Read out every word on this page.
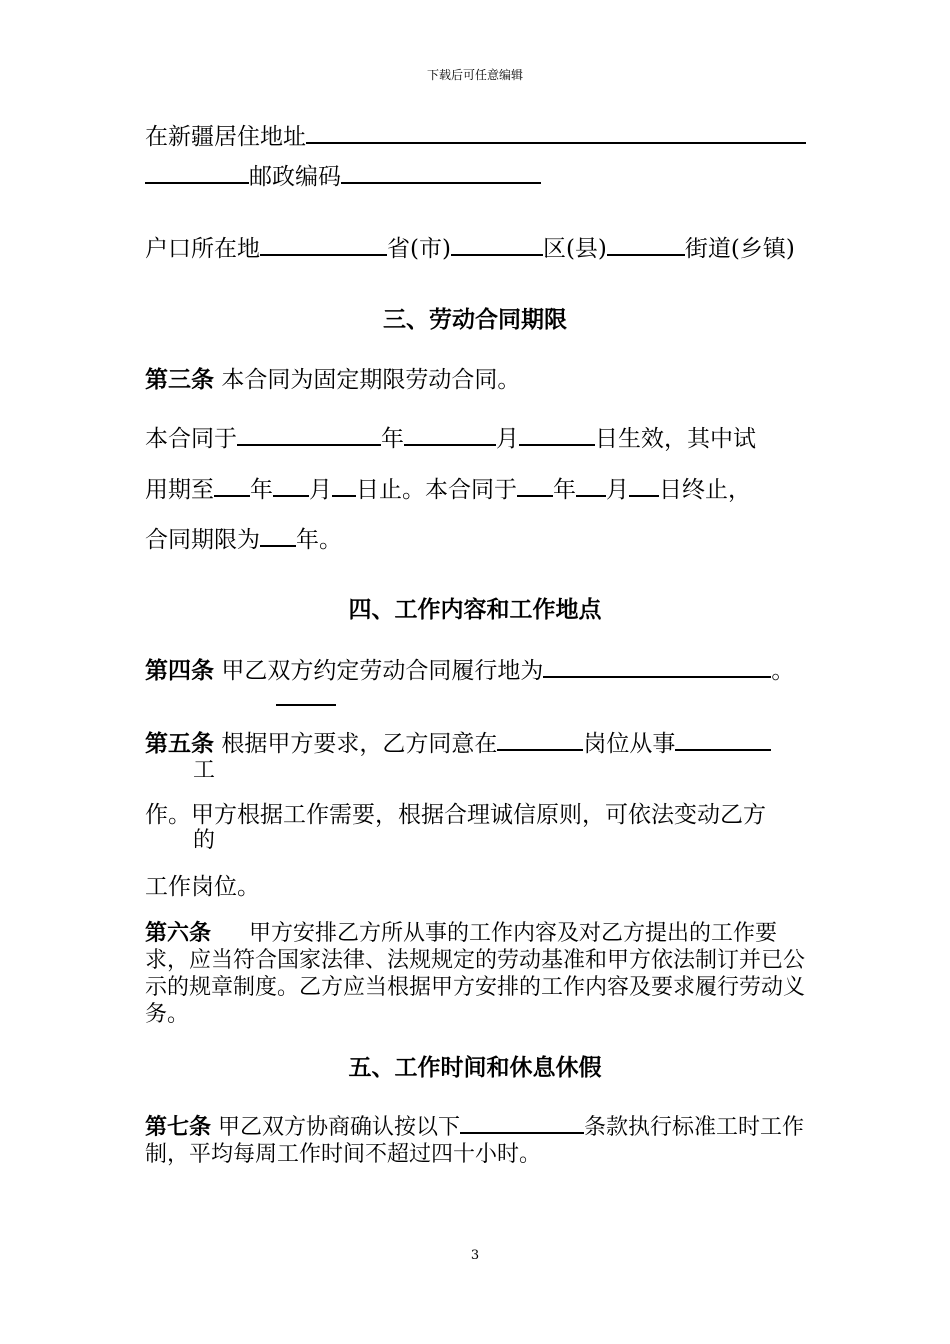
下载后可任意编辑
在新疆居住地址
邮政编码
户口所在地	省(市)	区(县)	街道(乡镇)
三、劳动合同期限
第三条 本合同为固定期限劳动合同。
本合同于	年	月	日生效，其中试
用期至 年 月 日止。本合同于 年 月 日终止，
合同期限为 年。
四、工作内容和工作地点
第四条 甲乙双方约定劳动合同履行地为	。
第五条 根据甲方要求，乙方同意在	岗位从事
工
作。甲方根据工作需要，根据合理诚信原则，可依法变动乙方
的
工作岗位。
第六条 甲方安排乙方所从事的工作内容及对乙方提出的工作要求，应当符合国家法律、法规规定的劳动基准和甲方依法制订并已公示的规章制度。乙方应当根据甲方安排的工作内容及要求履行劳动义务。
五、工作时间和休息休假
第七条 甲乙双方协商确认按以下	条款执行标准工时工作制，平均每周工作时间不超过四十小时。
3
